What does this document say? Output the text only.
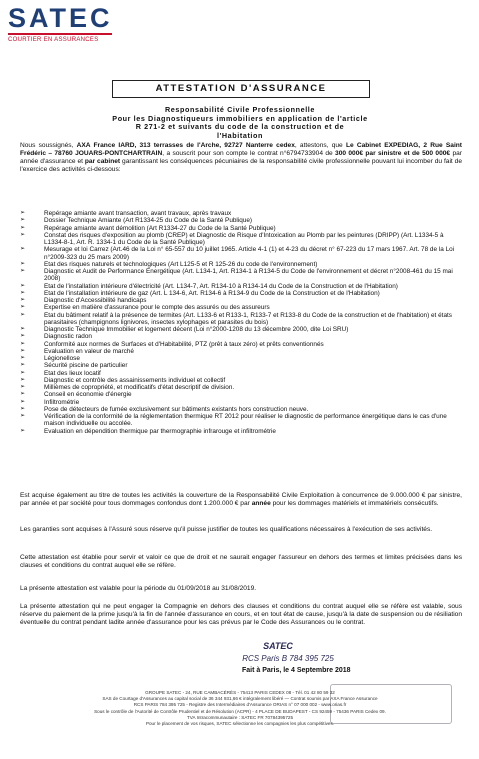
SATEC
COURTIER EN ASSURANCES
ATTESTATION D'ASSURANCE
Responsabilité Civile Professionnelle
Pour les Diagnostiqueurs immobiliers en application de l'article
R 271-2 et suivants du code de la construction et de
l'Habitation
Nous soussignés, AXA France IARD, 313 terrasses de l'Arche, 92727 Nanterre cedex, attestons, que Le Cabinet EXPEDIAG, 2 Rue Saint Frédéric – 78760 JOUARS-PONTCHARTRAIN, a souscrit pour son compte le contrat n°6794733904 de 300 000€ par sinistre et de 500 000€ par année d'assurance et par cabinet garantissant les conséquences pécuniaires de la responsabilité civile professionnelle pouvant lui incomber du fait de l'exercice des activités ci-dessous:
➢	Repérage amiante avant transaction, avant travaux, après travaux
➢	Dossier Technique Amiante (Art R1334-25 du Code de la Santé Publique)
➢	Repérage amiante avant démolition (Art R1334-27 du Code de la Santé Publique)
➢	Constat des risques d'exposition au plomb (CREP) et Diagnostic de Risque d'Intoxication au Plomb par les peintures (DRIPP) (Art. L1334-5 à L1334-8-1, Art. R. 1334-1 du Code de la Santé Publique)
➢	Mesurage et loi Carrez (Art.46 de la Loi n° 65-557 du 10 juillet 1965. Article 4-1 (1) et 4-23 du décret n° 67-223 du 17 mars 1967. Art. 78 de la Loi n°2009-323 du 25 mars 2009)
➢	Etat des risques naturels et technologiques (Art L125-5 et R 125-26 du code de l'environnement)
➢	Diagnostic et Audit de Performance Energétique (Art. L134-1, Art. R134-1 à R134-5 du Code de l'environnement et décret n°2008-461 du 15 mai 2008)
➢	Etat de l'installation intérieure d'électricité (Art. L134-7, Art. R134-10 à R134-14 du Code de la Construction et de l'Habitation)
➢	Etat de l'installation intérieure de gaz (Art. L 134-6, Art. R134-6 à R134-9 du Code de la Construction et de l'Habitation)
➢	Diagnostic d'Accessibilité handicaps
➢	Expertise en matière d'assurance pour le compte des assurés ou des assureurs
➢	Etat du bâtiment relatif à la présence de termites (Art. L133-6 et R133-1, R133-7 et R133-8 du Code de la construction et de l'habitation) et états parasitaires (champignons lignivores, insectes xylophages et parasites du bois)
➢	Diagnostic Technique Immobilier et logement décent (Loi n°2000-1208 du 13 décembre 2000, dite Loi SRU)
➢	Diagnostic radon
➢	Conformité aux normes de Surfaces et d'Habitabilité, PTZ (prêt à taux zéro) et prêts conventionnés
➢	Evaluation en valeur de marché
➢	Légionellose
➢	Sécurité piscine de particulier
➢	Etat des lieux locatif
➢	Diagnostic et contrôle des assainissements individuel et collectif
➢	Millièmes de copropriété, et modificatifs d'état descriptif de division.
➢	Conseil en économie d'énergie
➢	Infiltrométrie
➢	Pose de détecteurs de fumée exclusivement sur bâtiments existants hors construction neuve.
➢	Vérification de la conformité de la réglementation thermique RT 2012 pour réaliser le diagnostic de performance énergétique dans le cas d'une maison individuelle ou accolée.
➢	Evaluation en dépendition thermique par thermographie infrarouge et infiltrométrie
Est acquise également au titre de toutes les activités la couverture de la Responsabilité Civile Exploitation à concurrence de 9.000.000 € par sinistre, par année et par société pour tous dommages confondus dont 1.200.000 € par année pour les dommages matériels et immatériels consécutifs.
Les garanties sont acquises à l'Assuré sous réserve qu'il puisse justifier de toutes les qualifications nécessaires à l'exécution de ses activités.
Cette attestation est établie pour servir et valoir ce que de droit et ne saurait engager l'assureur en dehors des termes et limites précisées dans les clauses et conditions du contrat auquel elle se réfère.
La présente attestation est valable pour la période du 01/09/2018 au 31/08/2019.
La présente attestation qui ne peut engager la Compagnie en dehors des clauses et conditions du contrat auquel elle se réfère est valable, sous réserve du paiement de la prime jusqu'à la fin de l'année d'assurance en cours, et en tout état de cause, jusqu'à la date de suspension ou de résiliation éventuelle du contrat pendant ladite année d'assurance pour les cas prévus par le Code des Assurances ou le contrat.
SATEC
RCS Paris B 784 395 725
Fait à Paris, le 4 Septembre 2018
GROUPE SATEC - 24, RUE CAMBACÉRÈS - 75413 PARIS CEDEX 08 - Tél. 01 42 80 59 32
SAS de Courtage d'Assurances au capital social de 36 344 931,66 € intégralement libéré — Contrat soumis par AXA France Assurance
RCS PARIS 784 395 725 - Registre des Intermédiaires d'Assurance ORIAS n° 07 000 002 - www.orias.fr
Sous le contrôle de l'Autorité de Contrôle Prudentiel et de Résolution (ACPR) - 4 PLACE DE BUDAPEST - CS 92459 - 75436 PARIS Cedex 09.
TVA Intracommunautaire : SATEC FR 70784395725
Pour le placement de vos risques, SATEC sélectionne les compagnies les plus compétitives.
